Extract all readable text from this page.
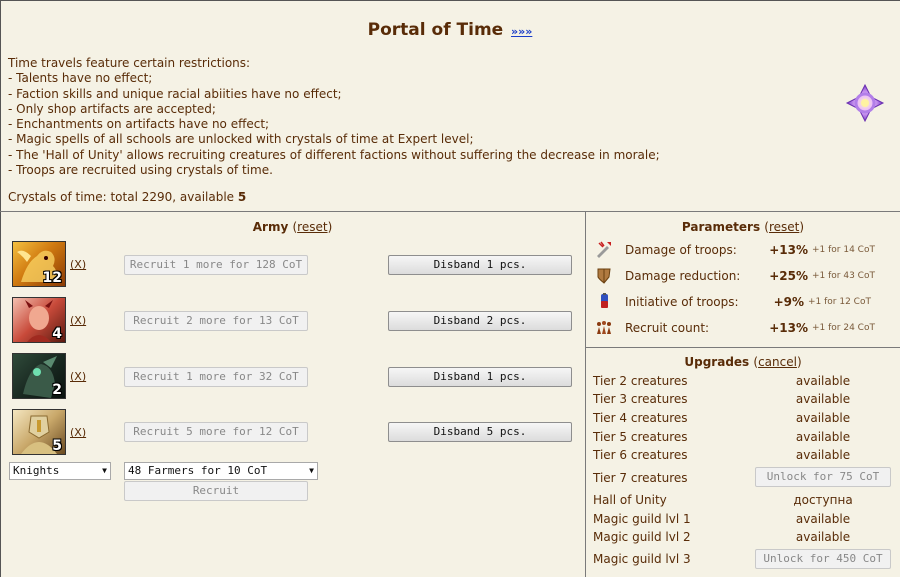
Portal of Time »»»
Time travels feature certain restrictions:
- Talents have no effect;
- Faction skills and unique racial abiities have no effect;
- Only shop artifacts are accepted;
- Enchantments on artifacts have no effect;
- Magic spells of all schools are unlocked with crystals of time at Expert level;
- The 'Hall of Unity' allows recruiting creatures of different factions without suffering the decrease in morale;
- Troops are recruited using crystals of time.
Crystals of time: total 2290, available 5
Army (reset)
12
(X)	Recruit 1 more for 128 CoT	Disband 1 pcs.
4
(X)	Recruit 2 more for 13 CoT	Disband 2 pcs.
2
(X)	Recruit 1 more for 32 CoT	Disband 1 pcs.
5
(X)	Recruit 5 more for 12 CoT	Disband 5 pcs.
Knights	▼	48 Farmers for 10 CoT	▼
Recruit
Parameters (reset)
Damage of troops:	+13% +1 for 14 CoT
Damage reduction:	+25% +1 for 43 CoT
Initiative of troops:	+9% +1 for 12 CoT
Recruit count:	+13% +1 for 24 CoT
Upgrades (cancel)
Tier 2 creatures	available
Tier 3 creatures	available
Tier 4 creatures	available
Tier 5 creatures	available
Tier 6 creatures	available
Tier 7 creatures	Unlock for 75 CoT
Hall of Unity	доступна
Magic guild lvl 1	available
Magic guild lvl 2	available
Magic guild lvl 3	Unlock for 450 CoT
